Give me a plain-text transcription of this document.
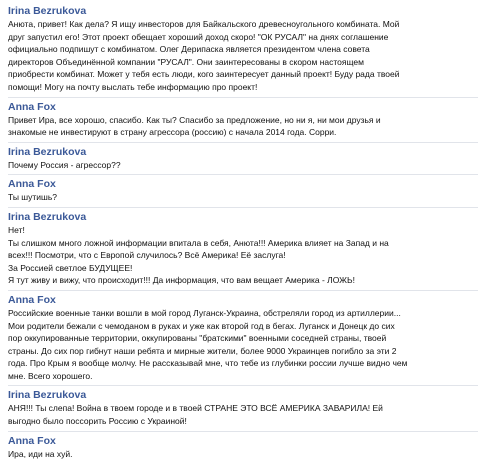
Irina Bezrukova
Анюта, привет! Как дела? Я ищу инвесторов для Байкальского древесноугольного комбината. Мой
друг запустил его! Этот проект обещает хороший доход скоро! "ОК РУСАЛ" на днях соглашение
официально подпишут с комбинатом. Олег Дерипаска является президентом члена совета
директоров Объединённой компании "РУСАЛ". Они заинтересованы в скором настоящем
приобрести комбинат. Может у тебя есть люди, кого заинтересует данный проект! Буду рада твоей
помощи! Могу на почту выслать тебе информацию про проект!
Anna Fox
Привет Ира, все хорошо, спасибо. Как ты? Спасибо за предложение, но ни я, ни мои друзья и
знакомые не инвестируют в страну агрессора (россию) с начала 2014 года. Сорри.
Irina Bezrukova
Почему Россия - агрессор??
Anna Fox
Ты шутишь?
Irina Bezrukova
Нет!
Ты слишком много ложной информации впитала в себя, Анюта!!! Америка влияет на Запад и на
всех!!! Посмотри, что с Европой случилось? Всё Америка! Её заслуга!
За Россией светлое БУДУЩЕЕ!
Я тут живу и вижу, что происходит!!! Да информация, что вам вещает Америка - ЛОЖЬ!
Anna Fox
Российские военные танки вошли в мой город Луганск-Украина, обстреляли город из артиллерии...
Мои родители бежали с чемоданом в руках и уже как второй год в бегах. Луганск и Донецк до сих
пор оккупированные территории, оккупированы "братскими" военными соседней страны, твоей
страны. До сих пор гибнут наши ребята и мирные жители, более 9000 Украинцев погибло за эти 2
года. Про Крым я вообще молчу. Не рассказывай мне, что тебе из глубинки россии лучше видно чем
мне. Всего хорошего.
Irina Bezrukova
АНЯ!!! Ты слепа! Война в твоем городе и в твоей СТРАНЕ ЭТО ВСЁ АМЕРИКА ЗАВАРИЛА! Ей
выгодно было поссорить Россию с Украиной!
Anna Fox
Ира, иди на хуй.
